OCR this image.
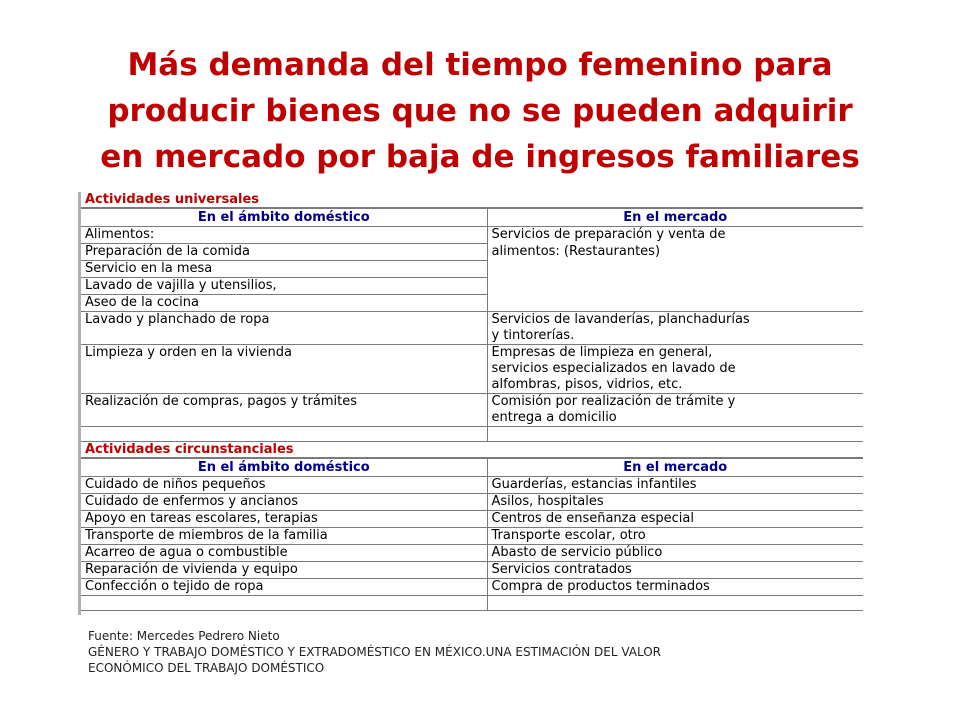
Más demanda del tiempo femenino para
producir bienes que no se pueden adquirir
en mercado por baja de ingresos familiares
Actividades universales	
En el ámbito doméstico	En el mercado
Alimentos:	Servicios de preparación y venta de
Preparación de la comida	alimentos: (Restaurantes)
Servicio en la mesa	
Lavado de vajilla y utensilios,	
Aseo de la cocina	
Lavado y planchado de ropa	Servicios de lavanderías, planchadurías
	y tintorerías.
Limpieza y orden en la vivienda	Empresas de limpieza en general,
	servicios especializados en lavado de
	alfombras, pisos, vidrios, etc.
Realización de compras, pagos y trámites	Comisión por realización de trámite y
	entrega a domicilio

Actividades circunstanciales	
En el ámbito doméstico	En el mercado
Cuidado de niños pequeños	Guarderías, estancias infantiles
Cuidado de enfermos y ancianos	Asilos, hospitales
Apoyo en tareas escolares, terapias	Centros de enseñanza especial
Transporte de miembros de la familia	Transporte escolar, otro
Acarreo de agua o combustible	Abasto de servicio público
Reparación de vivienda y equipo	Servicios contratados
Confección o tejido de ropa	Compra de productos terminados

Fuente: Mercedes Pedrero Nieto
GÉNERO Y TRABAJO DOMÉSTICO Y EXTRADOMÉSTICO EN MÉXICO.UNA ESTIMACIÓN DEL VALOR
ECONÓMICO DEL TRABAJO DOMÉSTICO
